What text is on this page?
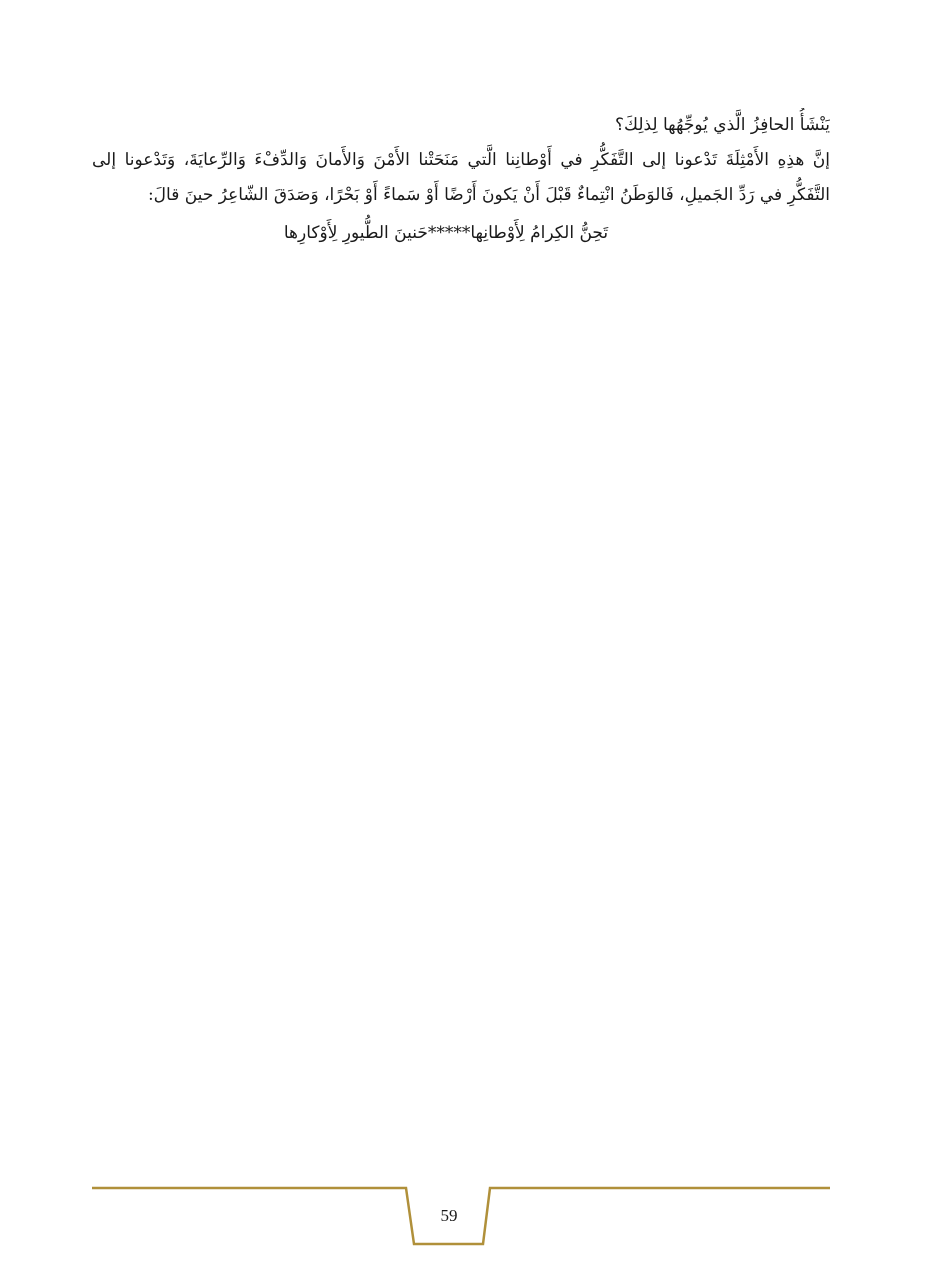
يَنْشَأُ الحافِزُ الَّذي يُوجِّهُها لِذلِكَ؟
إنَّ هذِهِ الأَمْثِلَةَ تَدْعونا إلى التَّفَكُّرِ في أَوْطانِنا الَّتي مَنَحَتْنا الأَمْنَ وَالأَمانَ وَالدِّفْءَ وَالرِّعايَةَ، وَتَدْعونا إلى التَّفَكُّرِ في رَدِّ الجَميلِ، فَالوَطَنُ انْتِماءٌ قَبْلَ أَنْ يَكونَ أَرْضًا أَوْ سَماءً أَوْ بَحْرًا، وَصَدَقَ الشّاعِرُ حينَ قالَ:
تَحِنُّ الكِرامُ لِأَوْطانِها*****حَنينَ الطُّيورِ لِأَوْكارِها
59
